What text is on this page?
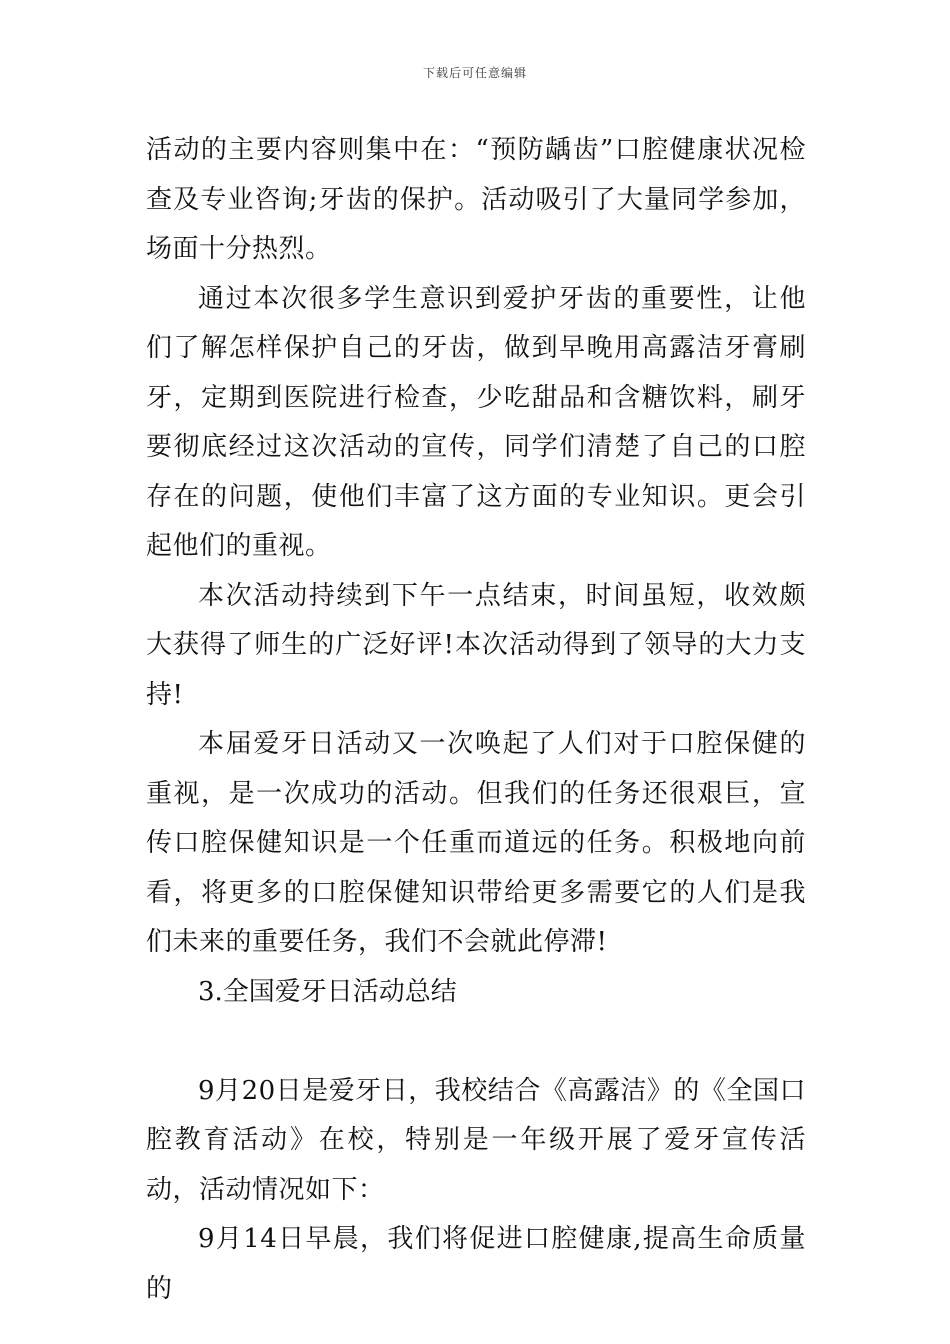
下载后可任意编辑

活动的主要内容则集中在：“预防龋齿”口腔健康状况检查及专业咨询;牙齿的保护。活动吸引了大量同学参加，场面十分热烈。

通过本次很多学生意识到爱护牙齿的重要性，让他们了解怎样保护自己的牙齿，做到早晚用高露洁牙膏刷牙，定期到医院进行检查，少吃甜品和含糖饮料，刷牙要彻底经过这次活动的宣传，同学们清楚了自己的口腔存在的问题，使他们丰富了这方面的专业知识。更会引起他们的重视。

本次活动持续到下午一点结束，时间虽短，收效颇大获得了师生的广泛好评!本次活动得到了领导的大力支持!

本届爱牙日活动又一次唤起了人们对于口腔保健的重视，是一次成功的活动。但我们的任务还很艰巨，宣传口腔保健知识是一个任重而道远的任务。积极地向前看，将更多的口腔保健知识带给更多需要它的人们是我们未来的重要任务，我们不会就此停滞!

3.全国爱牙日活动总结

9月20日是爱牙日，我校结合《高露洁》的《全国口腔教育活动》在校，特别是一年级开展了爱牙宣传活动，活动情况如下：

9月14日早晨，我们将促进口腔健康,提高生命质量的
